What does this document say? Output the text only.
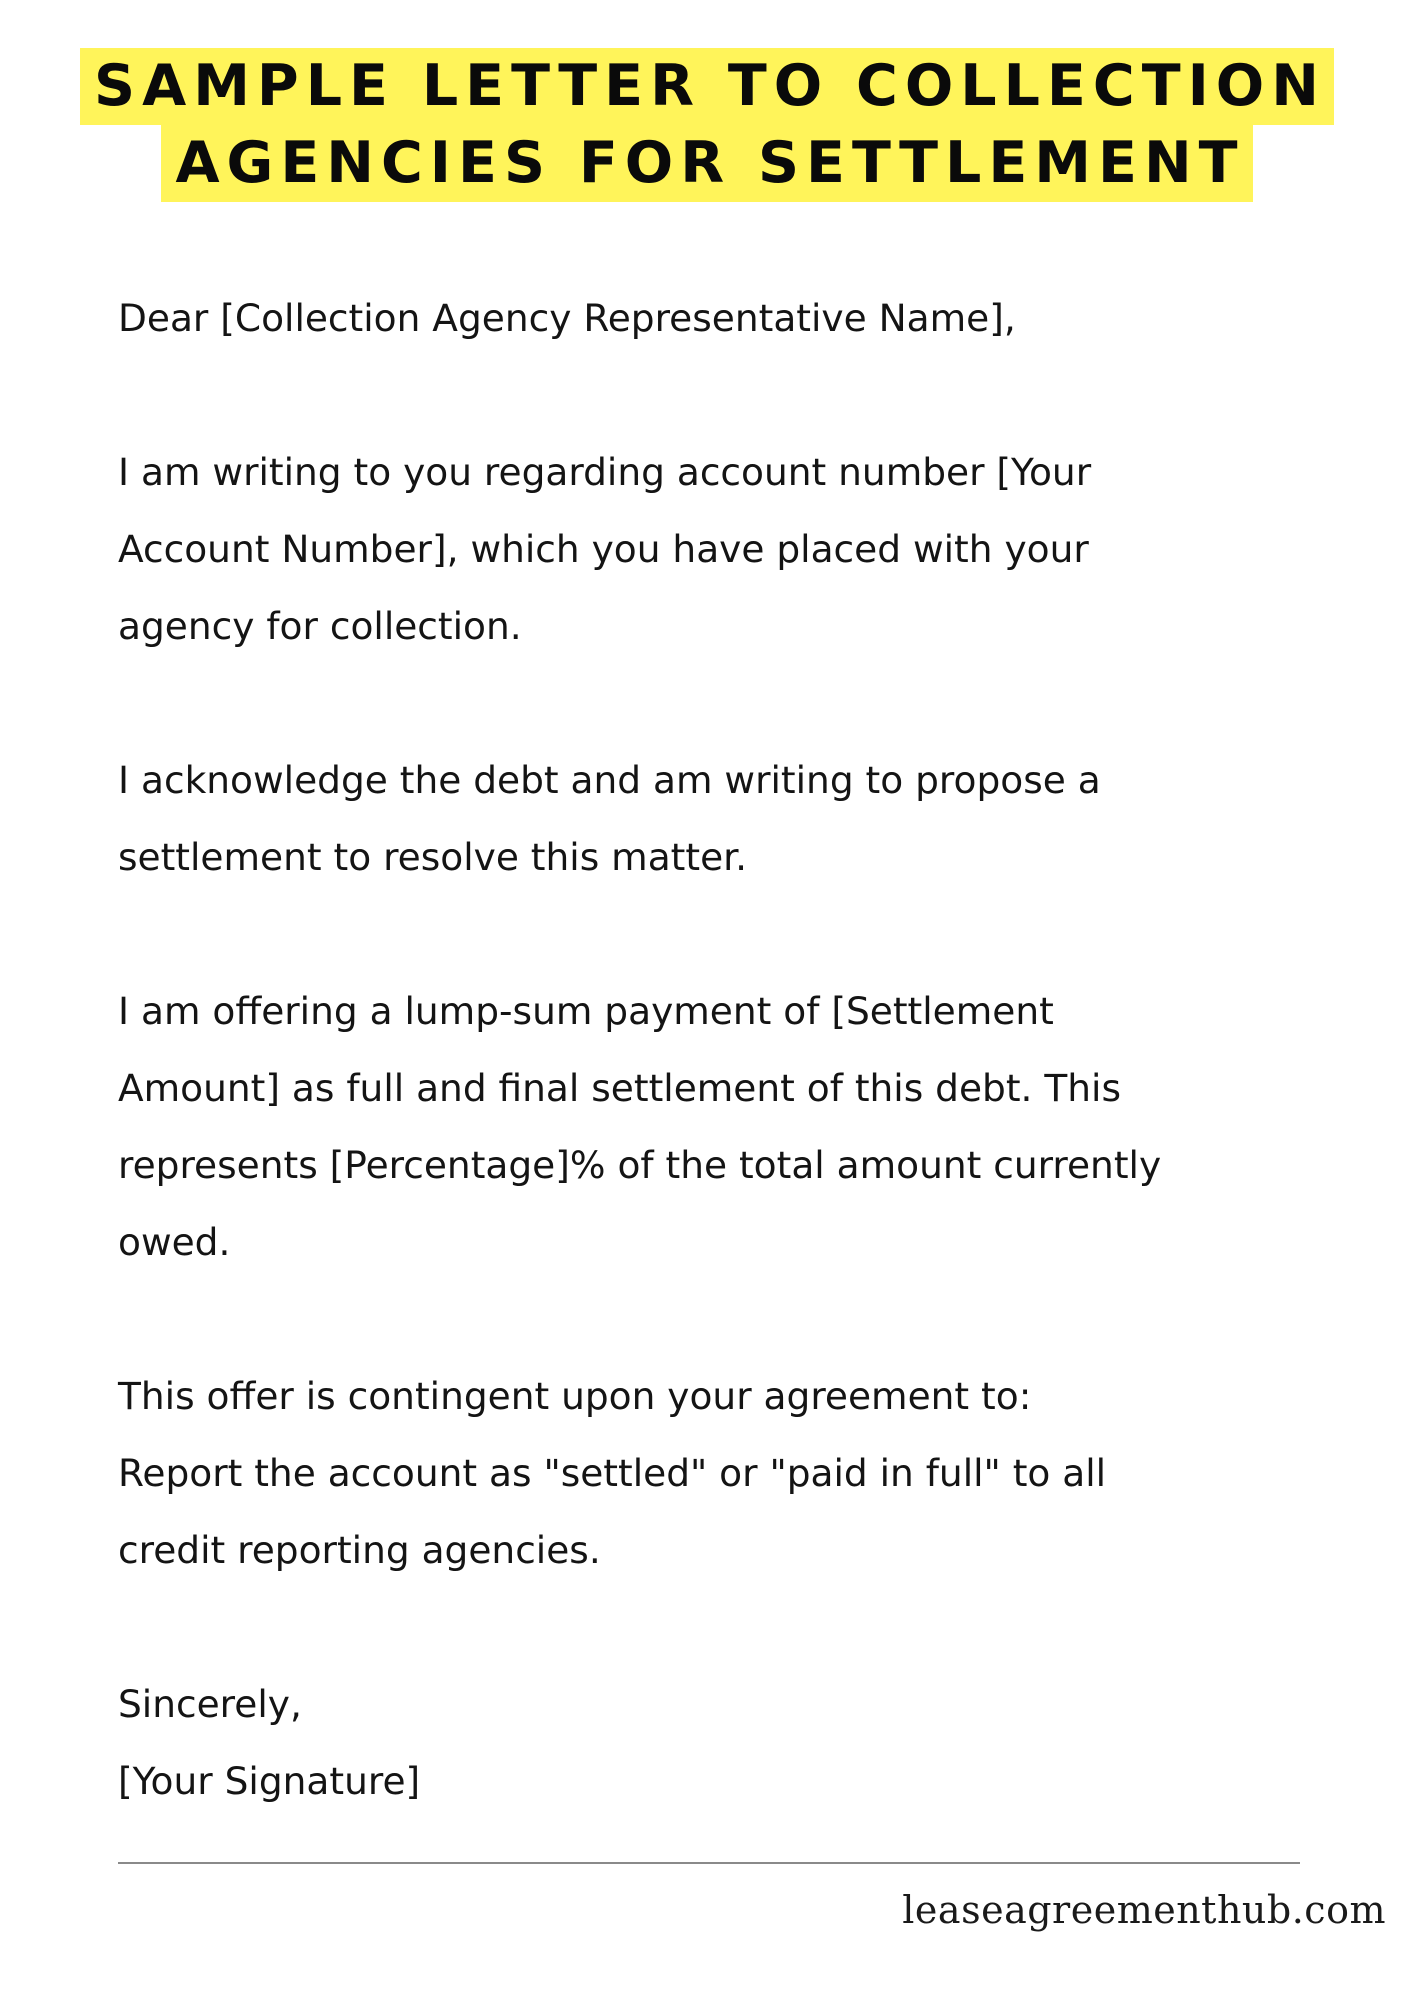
SAMPLE LETTER TO COLLECTION
AGENCIES FOR SETTLEMENT

Dear [Collection Agency Representative Name],

I am writing to you regarding account number [Your
Account Number], which you have placed with your
agency for collection.

I acknowledge the debt and am writing to propose a
settlement to resolve this matter.

I am offering a lump-sum payment of [Settlement
Amount] as full and final settlement of this debt. This
represents [Percentage]% of the total amount currently
owed.

This offer is contingent upon your agreement to:
Report the account as "settled" or "paid in full" to all
credit reporting agencies.

Sincerely,
[Your Signature]

leaseagreementhub.com
